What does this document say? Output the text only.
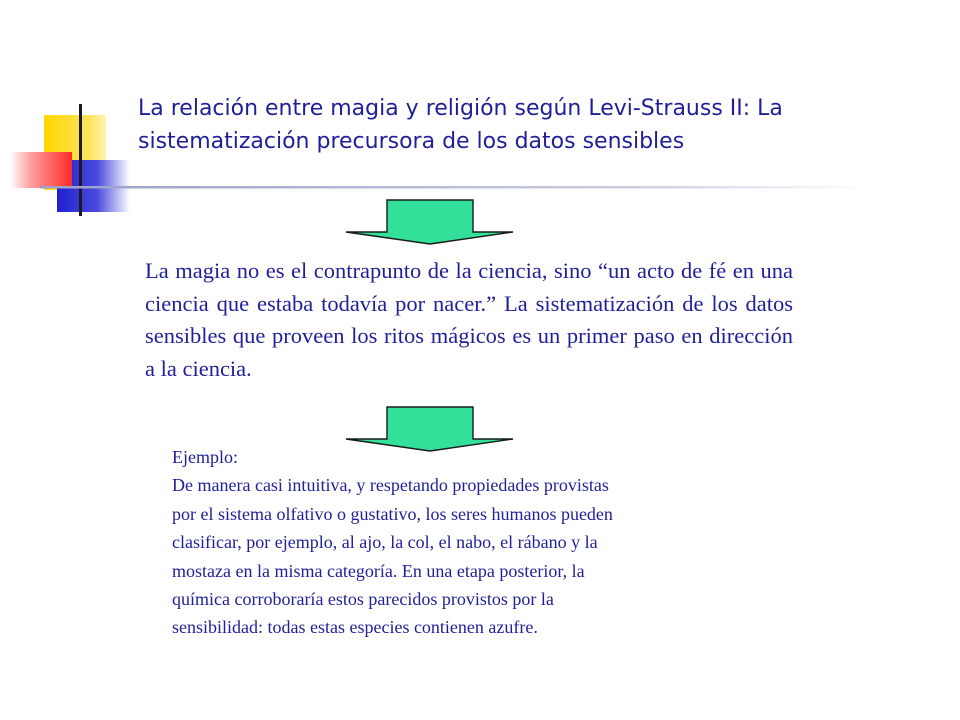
La relación entre magia y religión según Levi-Strauss II: La
sistematización precursora de los datos sensibles

La magia no es el contrapunto de la ciencia, sino “un acto de fé en una ciencia que estaba todavía por nacer.” La sistematización de los datos sensibles que proveen los ritos mágicos es un primer paso en dirección a la ciencia.

Ejemplo:

De manera casi intuitiva, y respetando propiedades provistas

por el sistema olfativo o gustativo, los seres humanos pueden

clasificar, por ejemplo, al ajo, la col, el nabo, el rábano y la

mostaza en la misma categoría. En una etapa posterior, la

química corroboraría estos parecidos provistos por la

sensibilidad: todas estas especies contienen azufre.
